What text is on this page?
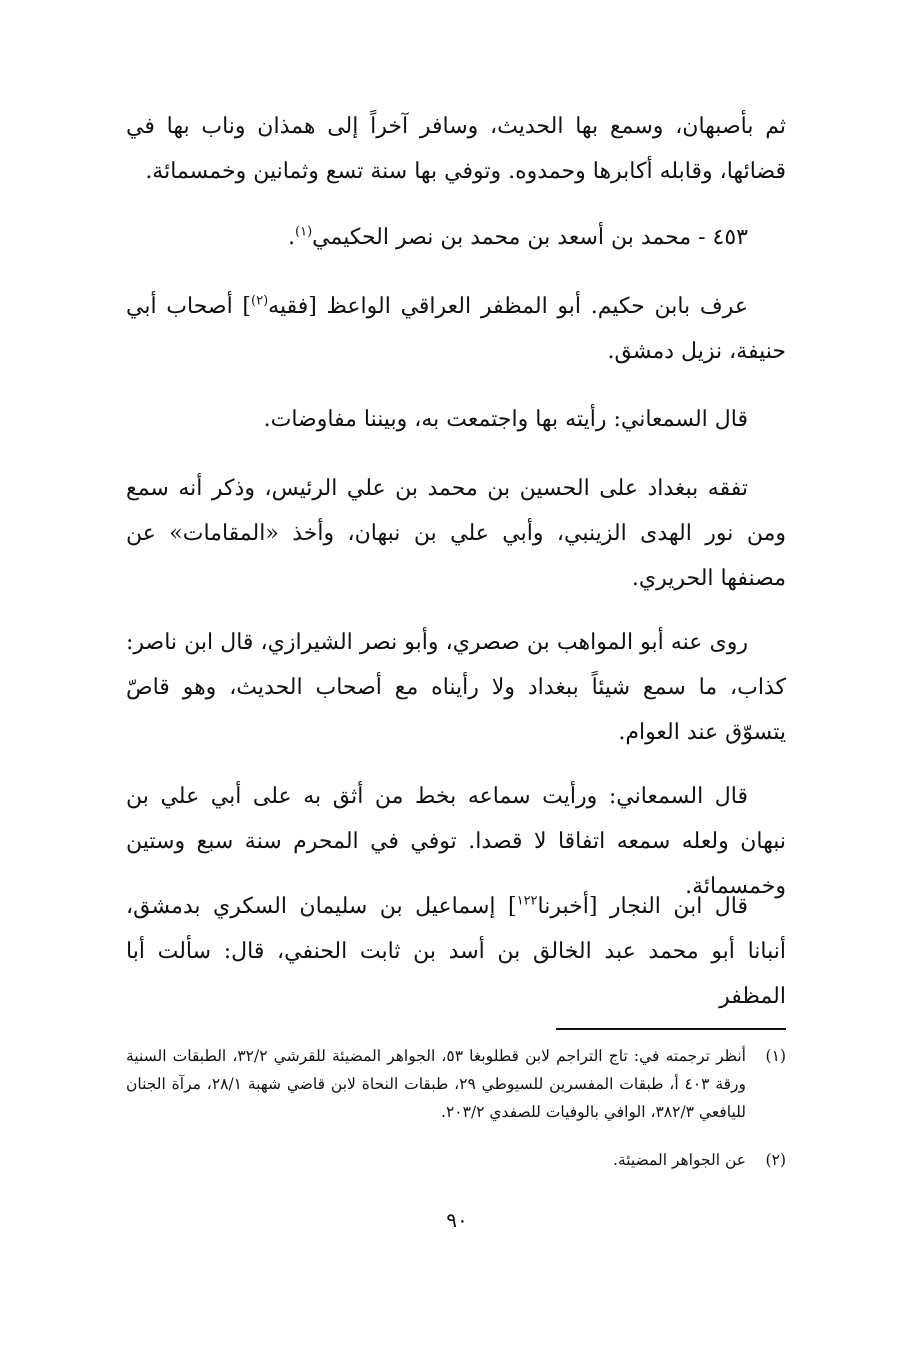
ثم بأصبهان، وسمع بها الحديث، وسافر آخراً إلى همذان وناب بها في قضائها، وقابله أكابرها وحمدوه. وتوفي بها سنة تسع وثمانين وخمسمائة.

٤٥٣ - محمد بن أسعد بن محمد بن نصر الحكيمي$^{(١)}$.

عرف بابن حكيم. أبو المظفر العراقي الواعظ [فقيه$^{(٢)}$] أصحاب أبي حنيفة، نزيل دمشق.

قال السمعاني: رأيته بها واجتمعت به، وبيننا مفاوضات.

تفقه ببغداد على الحسين بن محمد بن علي الرئيس، وذكر أنه سمع ومن نور الهدى الزينبي، وأبي علي بن نبهان، وأخذ «المقامات» عن مصنفها الحريري.

روى عنه أبو المواهب بن صصري، وأبو نصر الشيرازي، قال ابن ناصر: كذاب، ما سمع شيئاً ببغداد ولا رأيناه مع أصحاب الحديث، وهو قاصّ يتسوّق عند العوام.

قال السمعاني: ورأيت سماعه بخط من أثق به على أبي علي بن نبهان ولعله سمعه اتفاقا لا قصدا. توفي في المحرم سنة سبع وستين وخمسمائة.

قال ابن النجار [أخبرنا$^{١٢٢}$] إسماعيل بن سليمان السكري بدمشق، أنبانا أبو محمد عبد الخالق بن أسد بن ثابت الحنفي، قال: سألت أبا المظفر

(١)
أنظر ترجمته في: تاج التراجم لابن قطلوبغا ٥٣، الجواهر المضيئة للقرشي ٣٢/٢، الطبقات السنية ورقة ٤٠٣ أ، طبقات المفسرين للسيوطي ٢٩، طبقات النحاة لابن قاضي شهبة ٢٨/١، مرآة الجنان لليافعي ٣٨٢/٣، الوافي بالوفيات للصفدي ٢٠٣/٢.
(٢)
عن الجواهر المضيئة.
٩٠
